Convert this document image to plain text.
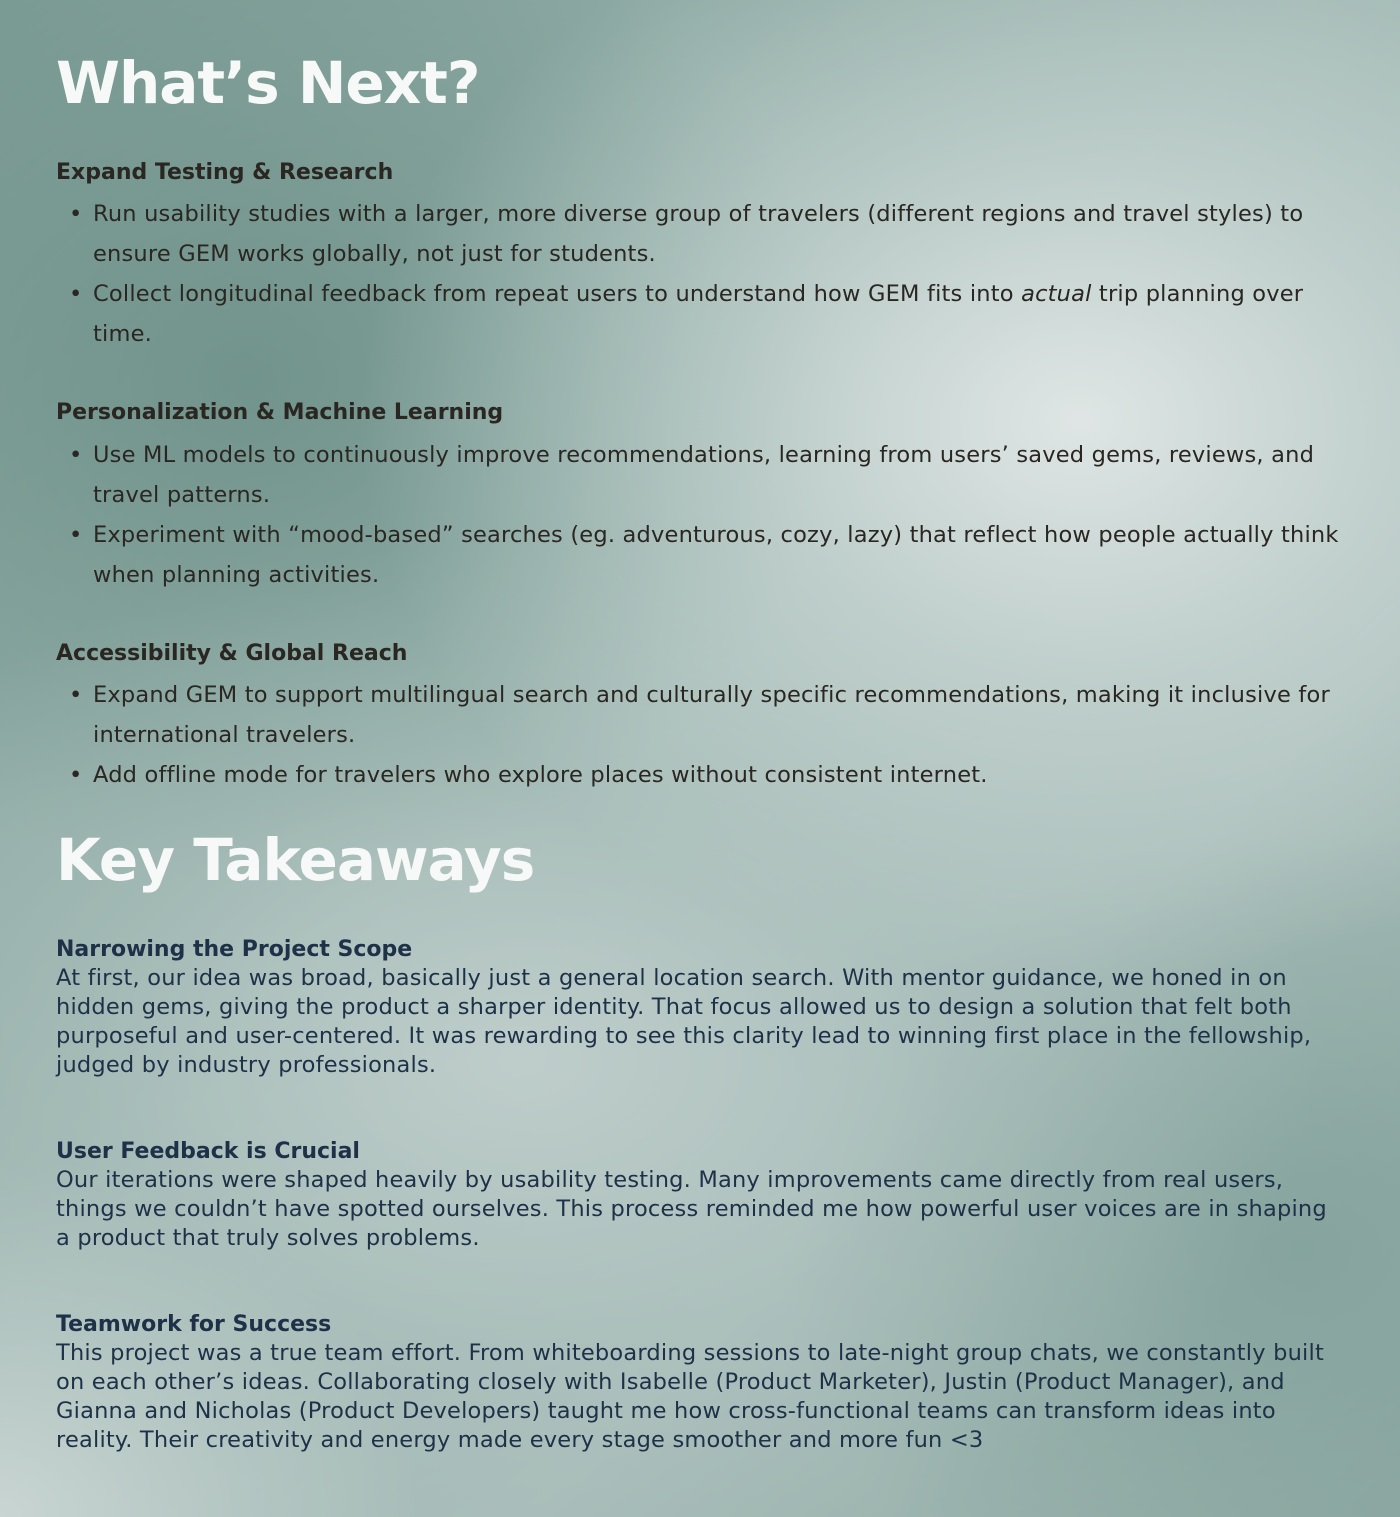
What’s Next?
Expand Testing & Research
• Run usability studies with a larger, more diverse group of travelers (different regions and travel styles) to ensure GEM works globally, not just for students.
• Collect longitudinal feedback from repeat users to understand how GEM fits into actual trip planning over time.
Personalization & Machine Learning
• Use ML models to continuously improve recommendations, learning from users’ saved gems, reviews, and travel patterns.
• Experiment with “mood-based” searches (eg. adventurous, cozy, lazy) that reflect how people actually think when planning activities.
Accessibility & Global Reach
• Expand GEM to support multilingual search and culturally specific recommendations, making it inclusive for international travelers.
• Add offline mode for travelers who explore places without consistent internet.
Key Takeaways
Narrowing the Project Scope

At first, our idea was broad, basically just a general location search. With mentor guidance, we honed in on hidden gems, giving the product a sharper identity. That focus allowed us to design a solution that felt both purposeful and user-centered. It was rewarding to see this clarity lead to winning first place in the fellowship, judged by industry professionals.

User Feedback is Crucial

Our iterations were shaped heavily by usability testing. Many improvements came directly from real users, things we couldn’t have spotted ourselves. This process reminded me how powerful user voices are in shaping a product that truly solves problems.

Teamwork for Success

This project was a true team effort. From whiteboarding sessions to late-night group chats, we constantly built on each other’s ideas. Collaborating closely with Isabelle (Product Marketer), Justin (Product Manager), and Gianna and Nicholas (Product Developers) taught me how cross-functional teams can transform ideas into reality. Their creativity and energy made every stage smoother and more fun <3
